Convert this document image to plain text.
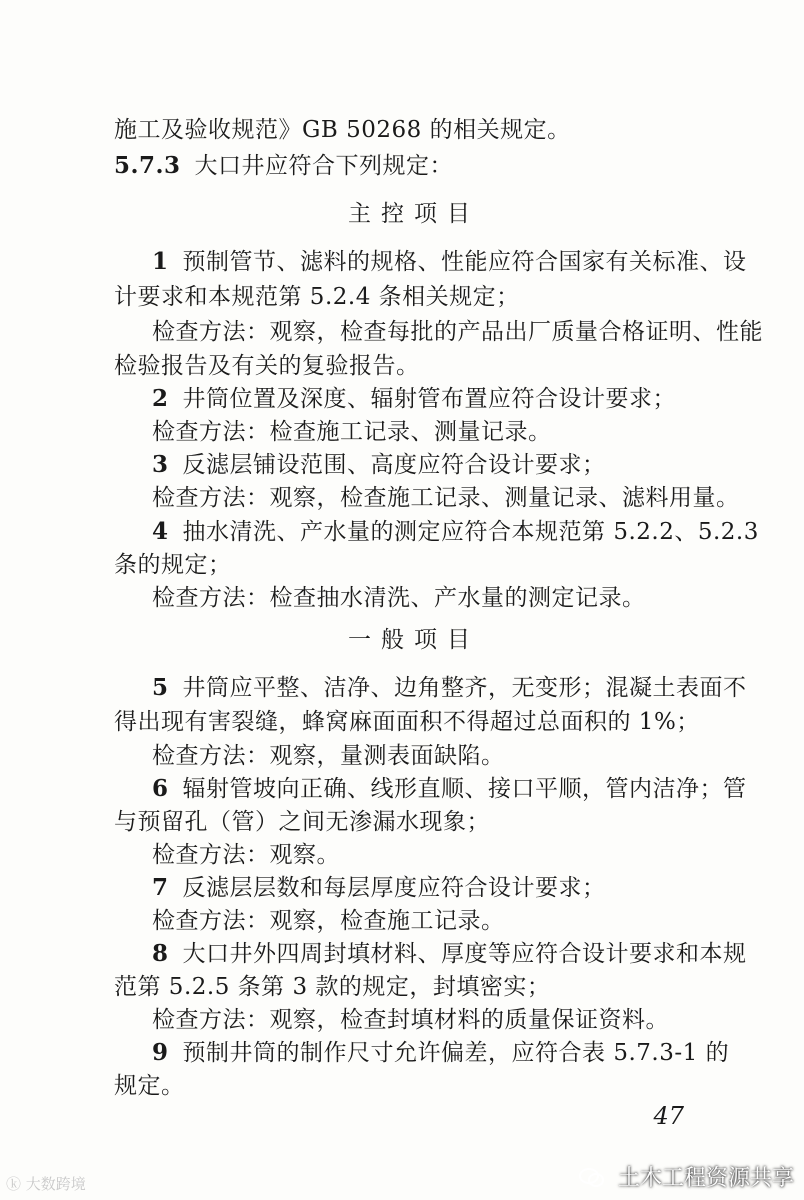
施工及验收规范》GB 50268 的相关规定。
5.7.3 大口井应符合下列规定：
主控项目
1 预制管节、滤料的规格、性能应符合国家有关标准、设
计要求和本规范第 5.2.4 条相关规定；
检查方法：观察，检查每批的产品出厂质量合格证明、性能
检验报告及有关的复验报告。
2 井筒位置及深度、辐射管布置应符合设计要求；
检查方法：检查施工记录、测量记录。
3 反滤层铺设范围、高度应符合设计要求；
检查方法：观察，检查施工记录、测量记录、滤料用量。
4 抽水清洗、产水量的测定应符合本规范第 5.2.2、5.2.3
条的规定；
检查方法：检查抽水清洗、产水量的测定记录。
一般项目
5 井筒应平整、洁净、边角整齐，无变形；混凝土表面不
得出现有害裂缝，蜂窝麻面面积不得超过总面积的 1%；
检查方法：观察，量测表面缺陷。
6 辐射管坡向正确、线形直顺、接口平顺，管内洁净；管
与预留孔（管）之间无渗漏水现象；
检查方法：观察。
7 反滤层层数和每层厚度应符合设计要求；
检查方法：观察，检查施工记录。
8 大口井外四周封填材料、厚度等应符合设计要求和本规
范第 5.2.5 条第 3 款的规定，封填密实；
检查方法：观察，检查封填材料的质量保证资料。
9 预制井筒的制作尺寸允许偏差，应符合表 5.7.3-1 的
规定。
47
ⓚ 大数跨境	土木工程资源共享
